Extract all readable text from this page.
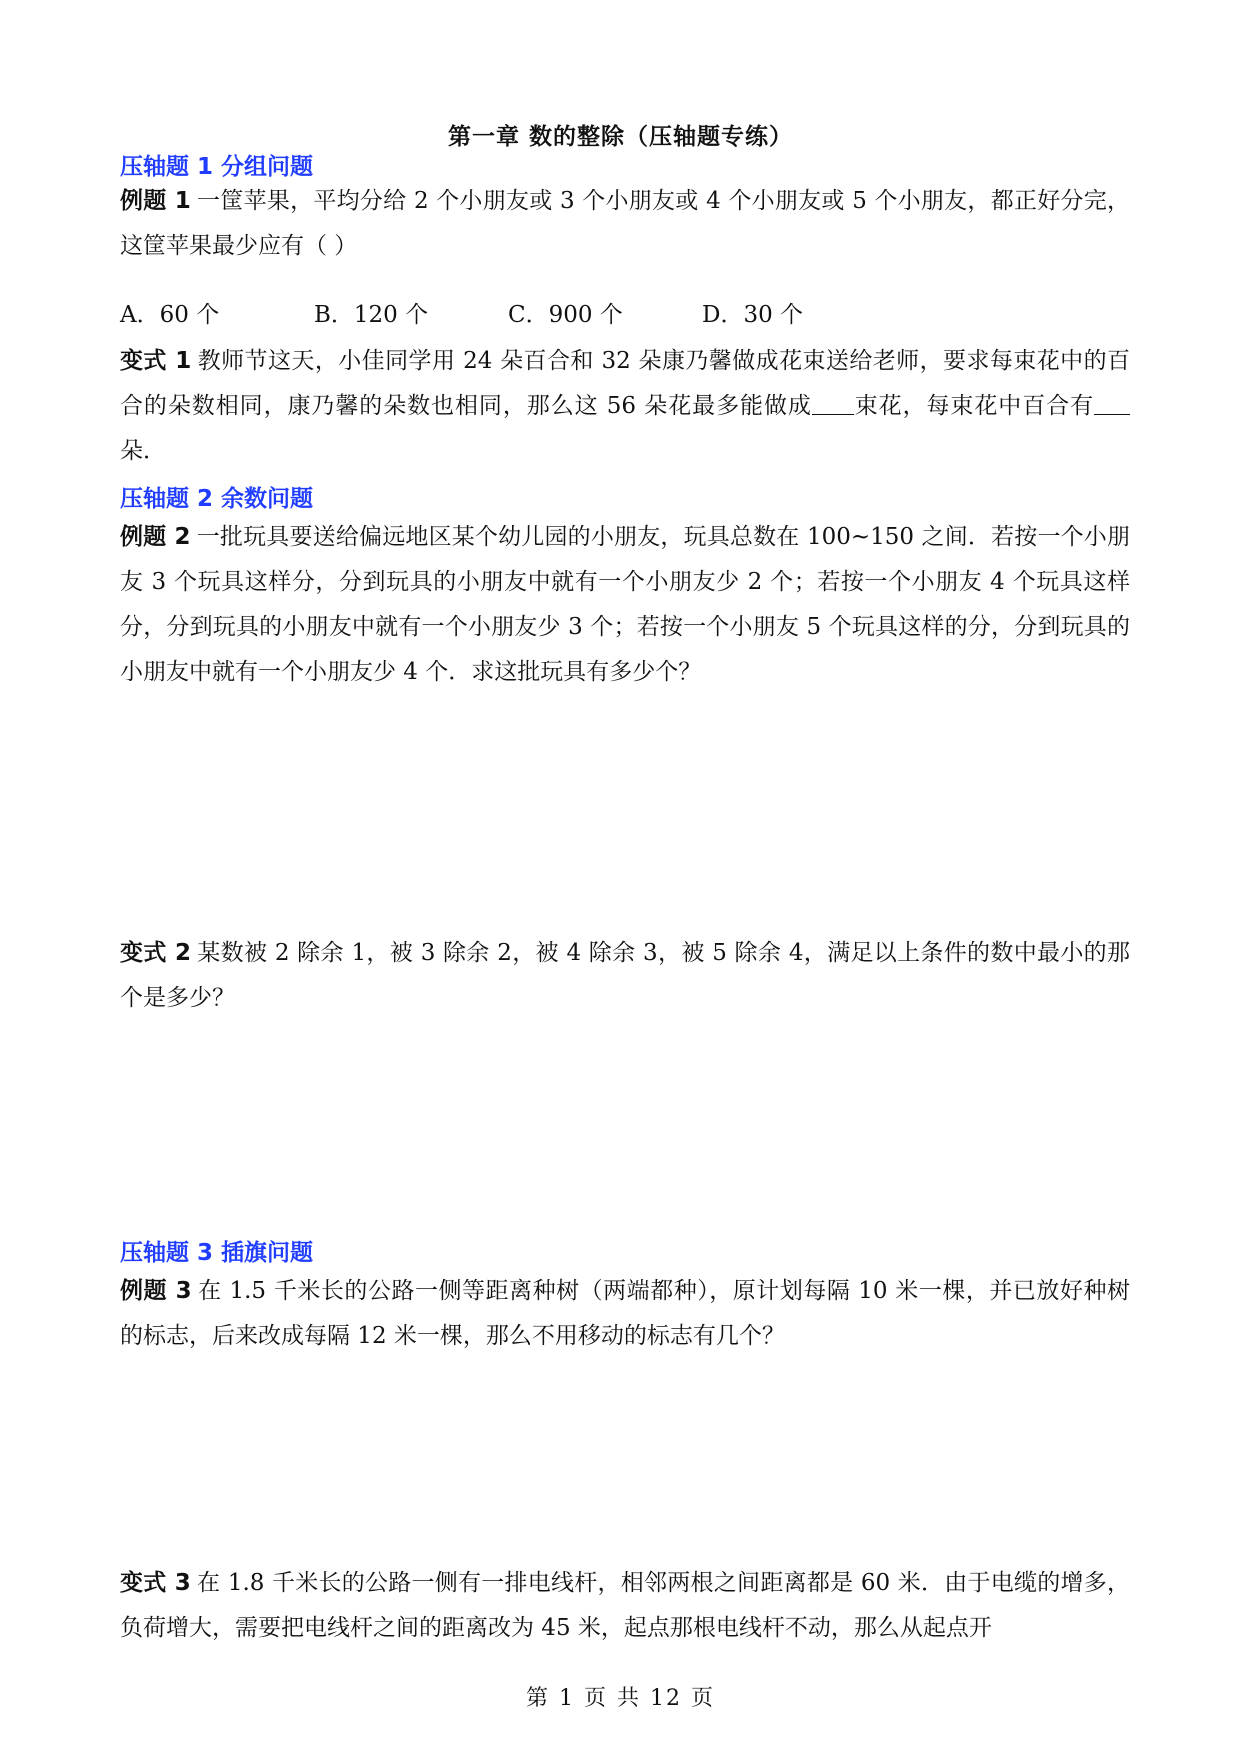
第一章 数的整除（压轴题专练）
压轴题 1 分组问题
例题 1 一筐苹果，平均分给 2 个小朋友或 3 个小朋友或 4 个小朋友或 5 个小朋友，都正好分完，这筐苹果最少应有（ ）
A．60 个	B．120 个	C．900 个	D．30 个
变式 1 教师节这天，小佳同学用 24 朵百合和 32 朵康乃馨做成花束送给老师，要求每束花中的百合的朵数相同，康乃馨的朵数也相同，那么这 56 朵花最多能做成 束花，每束花中百合有朵．
压轴题 2 余数问题
例题 2 一批玩具要送给偏远地区某个幼儿园的小朋友，玩具总数在 100~150 之间．若按一个小朋友 3 个玩具这样分，分到玩具的小朋友中就有一个小朋友少 2 个；若按一个小朋友 4 个玩具这样分，分到玩具的小朋友中就有一个小朋友少 3 个；若按一个小朋友 5 个玩具这样的分，分到玩具的小朋友中就有一个小朋友少 4 个．求这批玩具有多少个？
变式 2 某数被 2 除余 1，被 3 除余 2，被 4 除余 3，被 5 除余 4，满足以上条件的数中最小的那个是多少？
压轴题 3 插旗问题
例题 3 在 1.5 千米长的公路一侧等距离种树（两端都种），原计划每隔 10 米一棵，并已放好种树的标志，后来改成每隔 12 米一棵，那么不用移动的标志有几个？
变式 3 在 1.8 千米长的公路一侧有一排电线杆，相邻两根之间距离都是 60 米．由于电缆的增多，负荷增大，需要把电线杆之间的距离改为 45 米，起点那根电线杆不动，那么从起点开
第 1 页 共 12 页
